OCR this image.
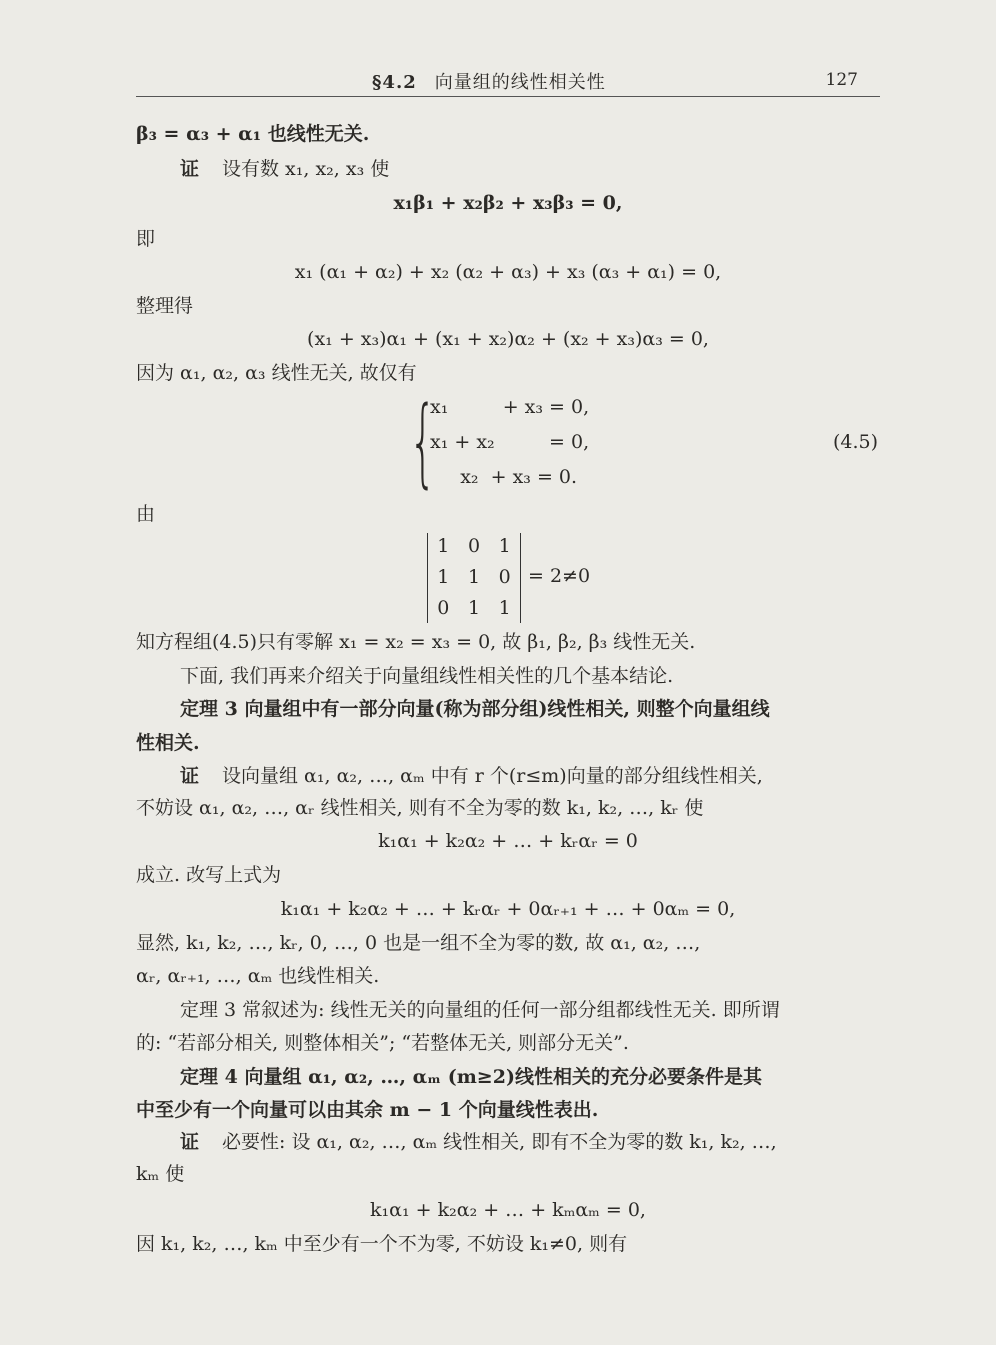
§4.2 向量组的线性相关性	127
β₃ = α₃ + α₁ 也线性无关.
证 设有数 x₁, x₂, x₃ 使
x₁β₁ + x₂β₂ + x₃β₃ = 0,
即
x₁ (α₁ + α₂) + x₂ (α₂ + α₃) + x₃ (α₃ + α₁) = 0,
整理得
(x₁ + x₃)α₁ + (x₁ + x₂)α₂ + (x₂ + x₃)α₃ = 0,
因为 α₁, α₂, α₃ 线性无关, 故仅有
{
x₁         + x₃ = 0,
x₁ + x₂         = 0,
x₂  + x₃ = 0.
(4.5)
由
1 0 1
1 1 0
0 1 1
= 2≠0
知方程组(4.5)只有零解 x₁ = x₂ = x₃ = 0, 故 β₁, β₂, β₃ 线性无关.
下面, 我们再来介绍关于向量组线性相关性的几个基本结论.
定理 3 向量组中有一部分向量(称为部分组)线性相关, 则整个向量组线
性相关.
证 设向量组 α₁, α₂, …, αₘ 中有 r 个(r≤m)向量的部分组线性相关,
不妨设 α₁, α₂, …, αᵣ 线性相关, 则有不全为零的数 k₁, k₂, …, kᵣ 使
k₁α₁ + k₂α₂ + … + kᵣαᵣ = 0
成立. 改写上式为
k₁α₁ + k₂α₂ + … + kᵣαᵣ + 0αᵣ₊₁ + … + 0αₘ = 0,
显然, k₁, k₂, …, kᵣ, 0, …, 0 也是一组不全为零的数, 故 α₁, α₂, …,
αᵣ, αᵣ₊₁, …, αₘ 也线性相关.
定理 3 常叙述为: 线性无关的向量组的任何一部分组都线性无关. 即所谓
的: “若部分相关, 则整体相关”; “若整体无关, 则部分无关”.
定理 4 向量组 α₁, α₂, …, αₘ (m≥2)线性相关的充分必要条件是其
中至少有一个向量可以由其余 m − 1 个向量线性表出.
证 必要性: 设 α₁, α₂, …, αₘ 线性相关, 即有不全为零的数 k₁, k₂, …,
kₘ 使
k₁α₁ + k₂α₂ + … + kₘαₘ = 0,
因 k₁, k₂, …, kₘ 中至少有一个不为零, 不妨设 k₁≠0, 则有
